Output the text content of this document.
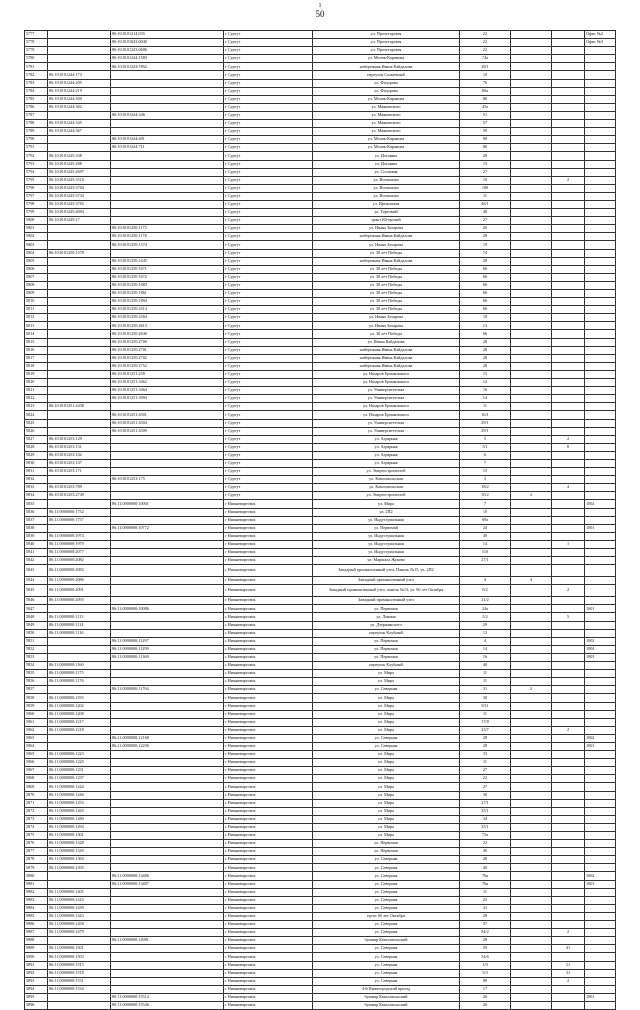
1
50
5777		86:10:0101214:035	г Сургут	ул. Пролетарская	22			Офис №2
5778		86:10:0101043:0040	г Сургут	ул. Пролетарская	22			Офис №3
5779		86:10:0101243:0606	г Сургут	ул. Пролетарская	22			
5780		86:10:0101244:1583	г Сургут	ул. Мелик-Карамова	74а			
5781		86:10:0101243:7852	г Сургут	набережная Ивана Кайдалова	28/1			
5782	86:10:0101244:173		г Сургут	переулок Солнечный	10			
5783	86:10:0101244:205		г Сургут	ул. Федорова	76			
5784	86:10:0101244:219		г Сургут	ул. Федорова	86а			
5785	86:10:0101244:300		г Сургут	ул. Мелик-Карамова	86			
5786	86:10:0101244:302		г Сургут	ул. Маяковского	45а			
5787		86:10:0101244:346	г Сургут	ул. Маяковского	51			
5788	86:10:0101244:345		г Сургут	ул. Маяковского	57			
5789	86:10:0101244:367		г Сургут	ул. Маяковского	59			
5790		86:10:0101244:401	г Сургут	ул. Мелик-Карамова	90			
5791		86:10:0101244:711	г Сургут	ул. Мелик-Карамова	86			
5792	86:10:0101245:338		г Сургут	ул. Иоганны	28			
5793	86:10:0101245:288		г Сургут	ул. Иоганны	15			
5794	86:10:0101245:2697		г Сургут	ул. Сосновая	27			
5795	86:10:0101245:3510		г Сургут	ул. Иоганнова	10		2	
5796	86:10:0101245:3704		г Сургут	ул. Иоганнова	100			
5797	86:10:0101245:3734		г Сургут	ул. Иоганнова	11			
5798	86:10:0101245:3765		г Сургут	ул. Иртышская	46/1			
5799	86:10:0101245:4094		г Сургут	ул. Торговый	48			
5800	86:10:0101249:17		г Сургут	тракт Югорский	27			
5801		86:10:0101250:1175	г Сургут	ул. Ивана Захарова	26			
5802		86:10:0101250:1178	г Сургут	набережная Ивана Кайдалова	28			
5803		86:10:0101250:1574	г Сургут	ул. Ивана Захарова	19			
5804	86:10:0101250:1578		г Сургут	ул. 30 лет Победы	74			
5805		86:10:0101250:1645	г Сургут	набережная Ивана Кайдалова	28			
5806		86:10:0101250:1671	г Сургут	ул. 30 лет Победы	66			
5807		86:10:0101250:1672	г Сургут	ул. 30 лет Победы	66			
5808		86:10:0101250:1683	г Сургут	ул. 30 лет Победы	66			
5809		86:10:0101250:1861	г Сургут	ул. 30 лет Победы	66			
5810		86:10:0101250:1894	г Сургут	ул. 30 лет Победы	66			
5811		86:10:0101250:2514	г Сургут	ул. 30 лет Победы	66			
5812		86:10:0101250:2564	г Сургут	ул. Ивана Захарова	18			
5813		86:10:0101250:2613	г Сургут	ул. Ивана Захарова	13			
5814		86:10:0101250:2640	г Сургут	ул. 30 лет Победы	66			
5815		86:10:0101250:2700	г Сургут	ул. Ивана Кайдалова	28			
5816		86:10:0101250:2701	г Сургут	набережная Ивана Кайдалова	28			
5817		86:10:0101250:2702	г Сургут	набережная Ивана Кайдалова	28			
5818		86:10:0101250:2752	г Сургут	набережная Ивана Кайдалова	28			
5819		86:10:0101251:258	г Сургут	ул. Назаров Ермаковского	15			
5820		86:10:0101251:3462	г Сургут	ул. Назаров Ермаковского	12			
5821		86:10:0101251:3464	г Сургут	ул. Университетская	16			
5822		86:10:0101251:3994	г Сургут	ул. Университетская	14			
5823	86:10:0101251:4438		г Сургут	ул. Назаров Ермаковского	11			
5824		86:10:0101251:4501	г Сургут	ул. Назаров Ермаковского	16/1			
5825		86:10:0101251:4504	г Сургут	ул. Университетская	29/1			
5826		86:10:0101251:4509	г Сургут	ул. Университетская	29/1			
5827	86:10:0101253:129		г Сургут	ул. Аграрная	5		2	
5828	86:10:0101253:131		г Сургут	ул. Аграрная	5/1		8	
5829	86:10:0101253:142		г Сургут	ул. Аграрная	6			
5830	86:10:0101253:147		г Сургут	ул. Аграрная	7			
5831	86:10:0101253:171		г Сургут	ул. Энергостроителей	15			
5832		86:10:0101253:175	г Сургут	ул. Комсомольская	3			
5833	86:10:0101253:789		г Сургут	ул. Комсомольская	18/2		4	
5834	86:10:0101253:2749		г Сургут	ул. Энергостроителей	50/2	2		
5835		86:11:0000000:10001	г Нижневартовск	ул. Мира	7			1002
5836	86:11:0000000:1752		г Нижневартовск	ул. 2П2	10			
5837	86:11:0000000:1757		г Нижневартовск	ул. Индустриальная	69а			
5838		86:11:0000000:10772	г Нижневартовск	ул. Первомай	24			1001
5839	86:11:0000000:1974		г Нижневартовск	ул. Индустриальная	49			
5840	86:11:0000000:1979		г Нижневартовск	ул. Индустриальная	14		1	
5841	86:11:0000000:2077		г Нижневартовск	ул. Индустриальная	110			
5842	86:11:0000000:2082		г Нижневартовск	ул. Маршала Жукова	27/1			
5843	86:11:0000000:2082		г Нижневартовск	Западный промышленный узел, Панель №15, ул. 2П2				
5844	86:11:0000000:2086		г Нижневартовск	Западный промышленный узел	4	4		
5845	86:11:0000000:2091		г Нижневартовск	Западный промышленный узел, панель №13, ул. 60 лет Октября	6/2		2	
5846	86:11:0000000:2093		г Нижневартовск	Западный промышленный узел	21/2			
5847		86:11:0000000:10086	г Нижневартовск	ул. Первомая	24а			1001
5848	86:11:0000000:1113		г Нижневартовск	ул. Ленина	5/2		5	
5849	86:11:0000000:1114		г Нижневартовск	ул. Дзержинского	29			
5850	86:11:0000000:1116		г Нижневартовск	переулок Клубный	13			
5851		86:11:0000000:11297	г Нижневартовск	ул. Первомая	4			1002
5852		86:11:0000000:11299	г Нижневартовск	ул. Первомая	14			1004
5853		86:11:0000000:11369	г Нижневартовск	ул. Первомая	16			1003
5854	86:11:0000000:1160		г Нижневартовск	переулок Клубный	40			
5855	86:11:0000000:1175		г Нижневартовск	ул. Мира	11			
5856	86:11:0000000:1176		г Нижневартовск	ул. Мира	11			
5857		86:11:0000000:11764	г Нижневартовск	ул. Северная	31	2		
5858	86:11:0000000:1193		г Нижневартовск	ул. Мира	30			
5859	86:11:0000000:1202		г Нижневартовск	ул. Мира	9/11			
5860	86:11:0000000:1208		г Нижневартовск	ул. Мира	11			
5861	86:11:0000000:1217		г Нижневартовск	ул. Мира	17/8			
5862	86:11:0000000:1218		г Нижневартовск	ул. Мира	23/7		2	
5863		86:11:0000000:12168	г Нижневартовск	ул. Северная	28			1002
5864		86:11:0000000:12206	г Нижневартовск	ул. Северная	28			1001
5865	86:11:0000000:1223		г Нижневартовск	ул. Мира	33			
5866	86:11:0000000:1225		г Нижневартовск	ул. Мира	11			
5867	86:11:0000000:1231		г Нижневартовск	ул. Мира	27			
5868	86:11:0000000:1237		г Нижневартовск	ул. Мира	22			
5869	86:11:0000000:1244		г Нижневартовск	ул. Мира	27			
5870	86:11:0000000:1246		г Нижневартовск	ул. Мира	30			
5871	86:11:0000000:1253		г Нижневартовск	ул. Мира	27/1			
5872	86:11:0000000:1265		г Нижневартовск	ул. Мира	25/1			
5873	86:11:0000000:1280		г Нижневартовск	ул. Мира	34			
5874	86:11:0000000:1294		г Нижневартовск	ул. Мира	25/1			
5875	86:11:0000000:1301		г Нижневартовск	ул. Мира	75а			
5876	86:11:0000000:1328		г Нижневартовск	ул. Первомая	22			
5877	86:11:0000000:1349		г Нижневартовск	ул. Первомая	40			
5878	86:11:0000000:1363		г Нижневартовск	ул. Северная	28			
5879	86:11:0000000:1395		г Нижневартовск	ул. Северная	40			
5880		86:11:0000000:13486	г Нижневартовск	ул. Северная	76а			1002
5881		86:11:0000000:13487	г Нижневартовск	ул. Северная	76а			1003
5882	86:11:0000000:1405		г Нижневартовск	ул. Северная	11			
5883	86:11:0000000:1410		г Нижневартовск	ул. Северная	23			
5884	86:11:0000000:1439		г Нижневартовск	ул. Северная	31			
5885	86:11:0000000:1443		г Нижневартовск	пр-кт 60 лет Октября	28			
5886	86:11:0000000:1458		г Нижневартовск	ул. Северная	37			
5887	86:11:0000000:1479		г Нижневартовск	ул. Северная	84/2		2	
5888		86:11:0000000:14981	г Нижневартовск	бульвар Комсомольский	28			
5889	86:11:0000000:1501		г Нижневартовск	ул. Северная	59		41	
5890	86:11:0000000:1503		г Нижневартовск	ул. Северная	54/6			
5891	86:11:0000000:1513		г Нижневартовск	ул. Северная	1/0		21	
5892	86:11:0000000:1518		г Нижневартовск	ул. Северная	5/3		31	
5893	86:11:0000000:1531		г Нижневартовск	ул. Северная	89		2	
5894	86:11:0000000:1534		г Нижневартовск	4-й Нижегородский проезд	17			
5895		86:11:0000000:15512	г Нижневартовск	бульвар Комсомольский	26			1001
5896		86:11:0000000:15546	г Нижневартовск	бульвар Комсомольский	26			
